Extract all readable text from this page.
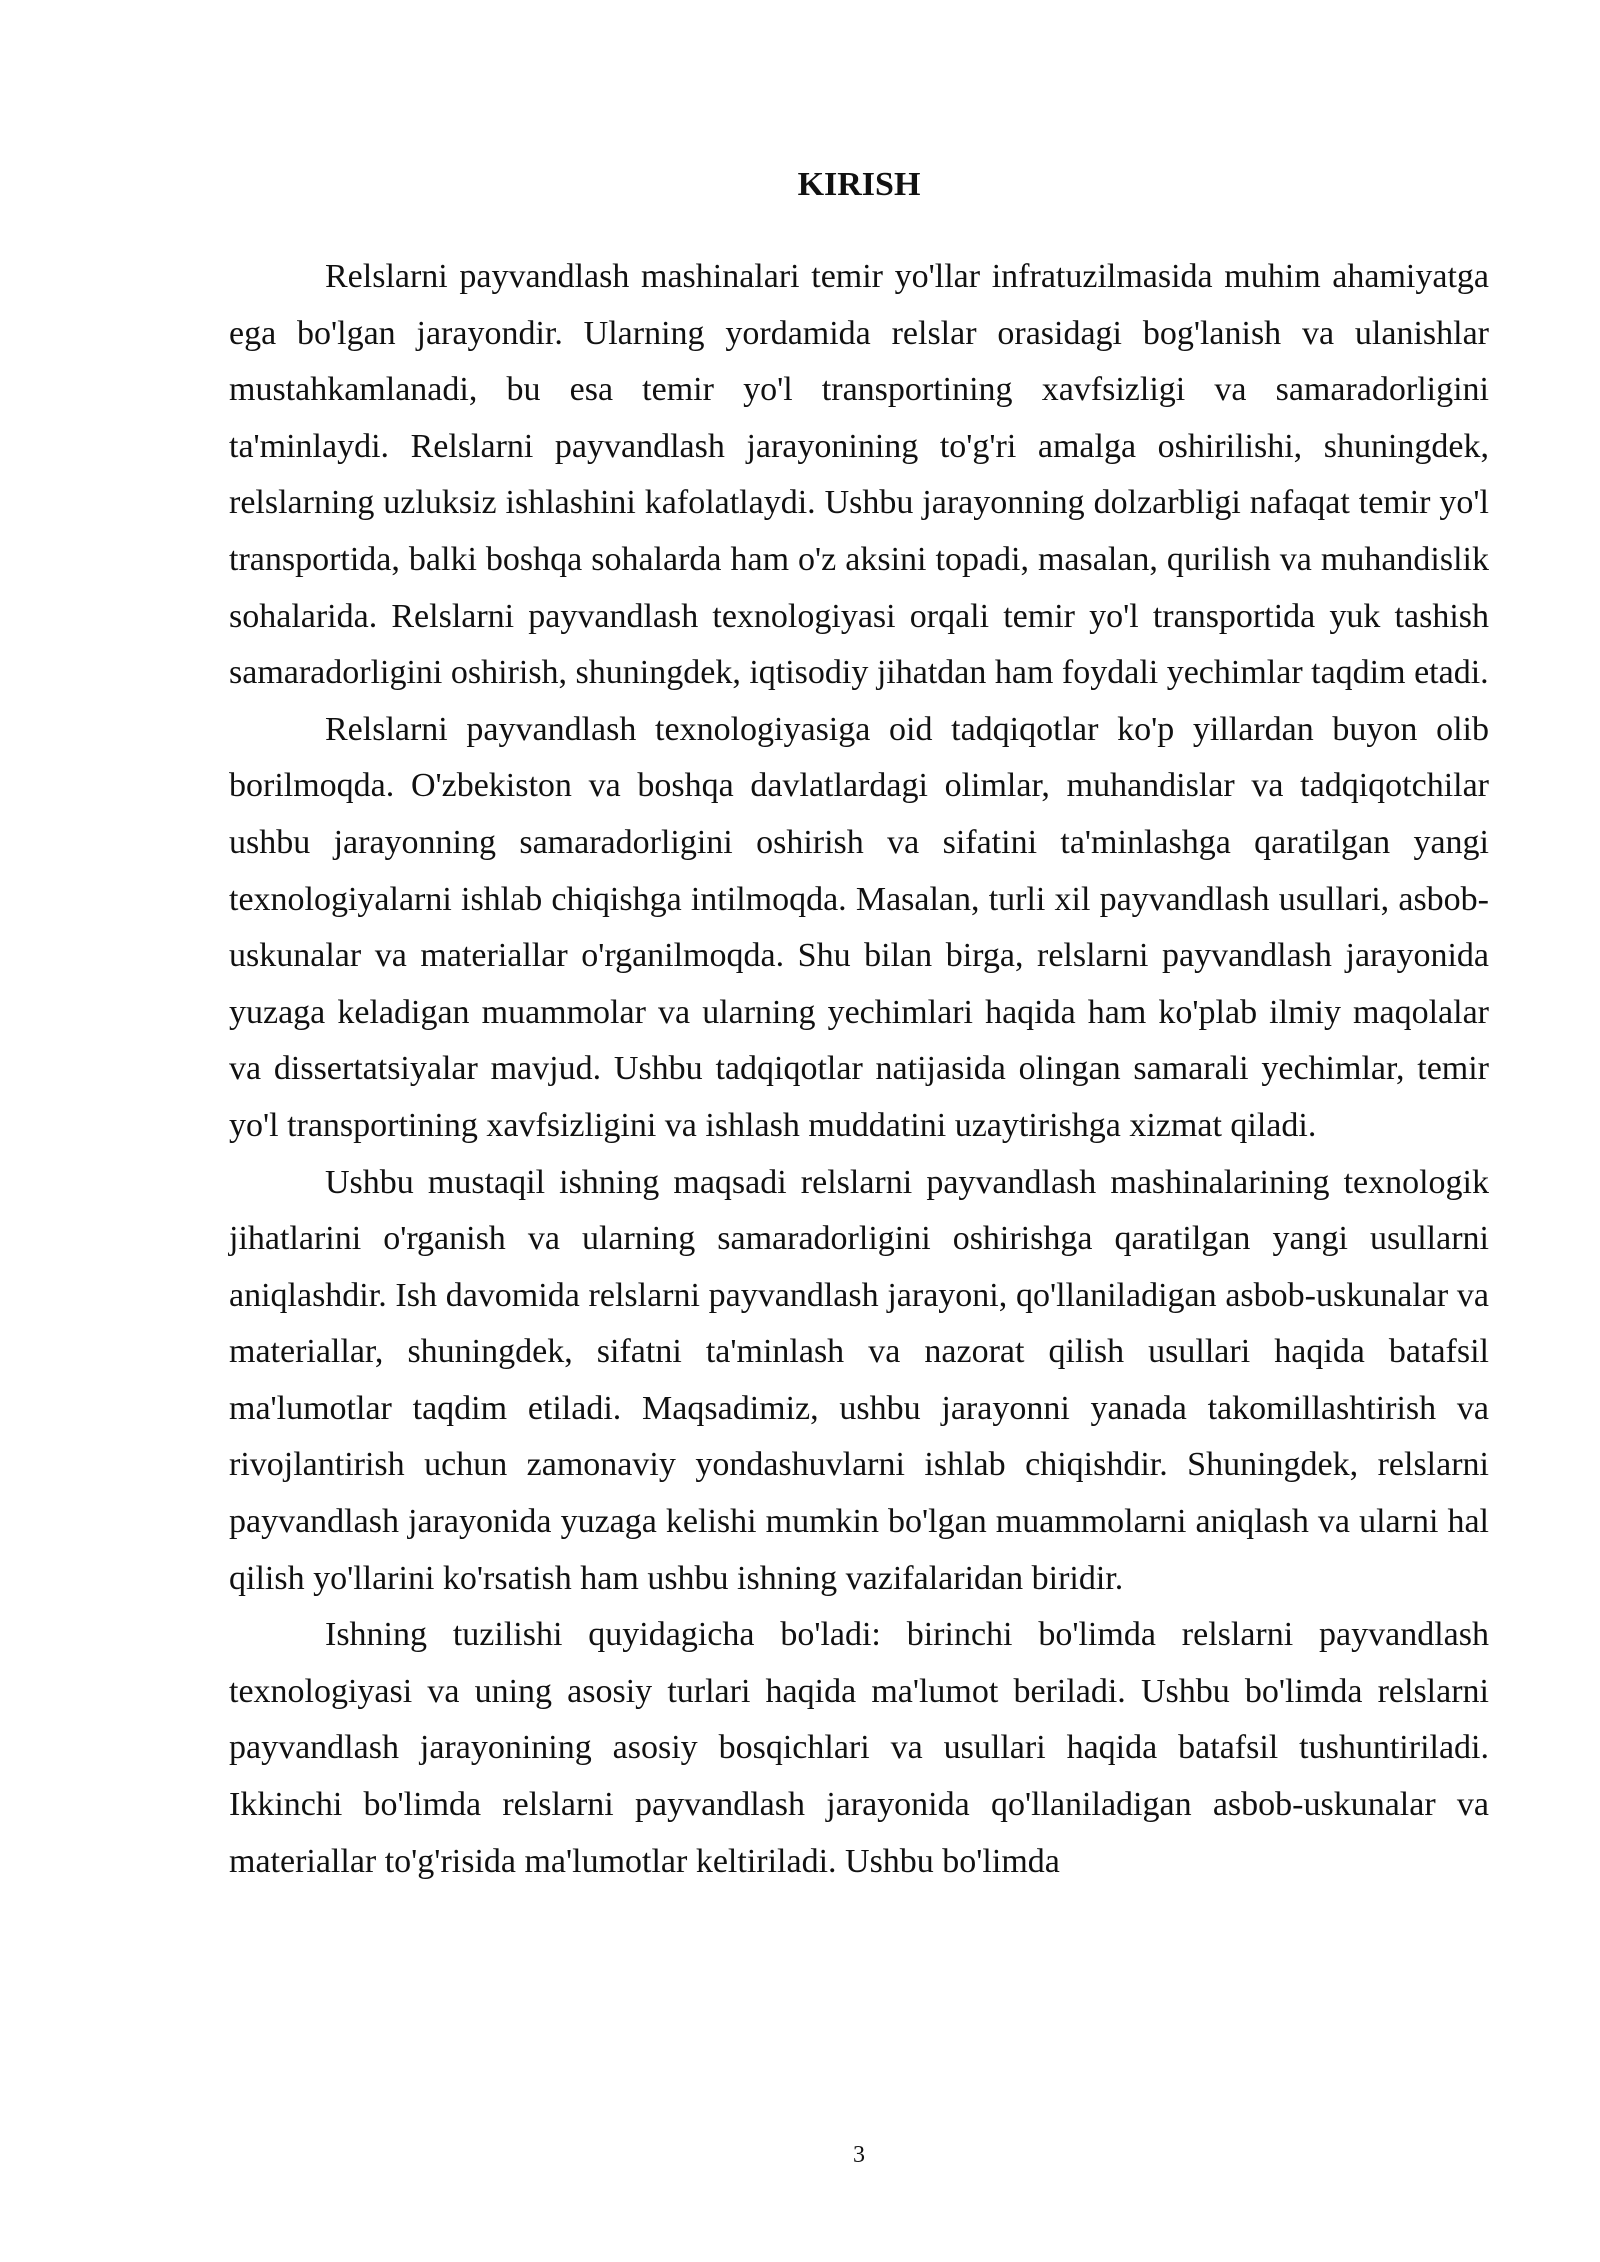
KIRISH

Relslarni payvandlash mashinalari temir yo'llar infratuzilmasida muhim ahamiyatga ega bo'lgan jarayondir. Ularning yordamida relslar orasidagi bog'lanish va ulanishlar mustahkamlanadi, bu esa temir yo'l transportining xavfsizligi va samaradorligini ta'minlaydi. Relslarni payvandlash jarayonining to'g'ri amalga oshirilishi, shuningdek, relslarning uzluksiz ishlashini kafolatlaydi. Ushbu jarayonning dolzarbligi nafaqat temir yo'l transportida, balki boshqa sohalarda ham o'z aksini topadi, masalan, qurilish va muhandislik sohalarida. Relslarni payvandlash texnologiyasi orqali temir yo'l transportida yuk tashish samaradorligini oshirish, shuningdek, iqtisodiy jihatdan ham foydali yechimlar taqdim etadi.

Relslarni payvandlash texnologiyasiga oid tadqiqotlar ko'p yillardan buyon olib borilmoqda. O'zbekiston va boshqa davlatlardagi olimlar, muhandislar va tadqiqotchilar ushbu jarayonning samaradorligini oshirish va sifatini ta'minlashga qaratilgan yangi texnologiyalarni ishlab chiqishga intilmoqda. Masalan, turli xil payvandlash usullari, asbob-uskunalar va materiallar o'rganilmoqda. Shu bilan birga, relslarni payvandlash jarayonida yuzaga keladigan muammolar va ularning yechimlari haqida ham ko'plab ilmiy maqolalar va dissertatsiyalar mavjud. Ushbu tadqiqotlar natijasida olingan samarali yechimlar, temir yo'l transportining xavfsizligini va ishlash muddatini uzaytirishga xizmat qiladi.

Ushbu mustaqil ishning maqsadi relslarni payvandlash mashinalarining texnologik jihatlarini o'rganish va ularning samaradorligini oshirishga qaratilgan yangi usullarni aniqlashdir. Ish davomida relslarni payvandlash jarayoni, qo'llaniladigan asbob-uskunalar va materiallar, shuningdek, sifatni ta'minlash va nazorat qilish usullari haqida batafsil ma'lumotlar taqdim etiladi. Maqsadimiz, ushbu jarayonni yanada takomillashtirish va rivojlantirish uchun zamonaviy yondashuvlarni ishlab chiqishdir. Shuningdek, relslarni payvandlash jarayonida yuzaga kelishi mumkin bo'lgan muammolarni aniqlash va ularni hal qilish yo'llarini ko'rsatish ham ushbu ishning vazifalaridan biridir.

Ishning tuzilishi quyidagicha bo'ladi: birinchi bo'limda relslarni payvandlash texnologiyasi va uning asosiy turlari haqida ma'lumot beriladi. Ushbu bo'limda relslarni payvandlash jarayonining asosiy bosqichlari va usullari haqida batafsil tushuntiriladi. Ikkinchi bo'limda relslarni payvandlash jarayonida qo'llaniladigan asbob-uskunalar va materiallar to'g'risida ma'lumotlar keltiriladi. Ushbu bo'limda

3
